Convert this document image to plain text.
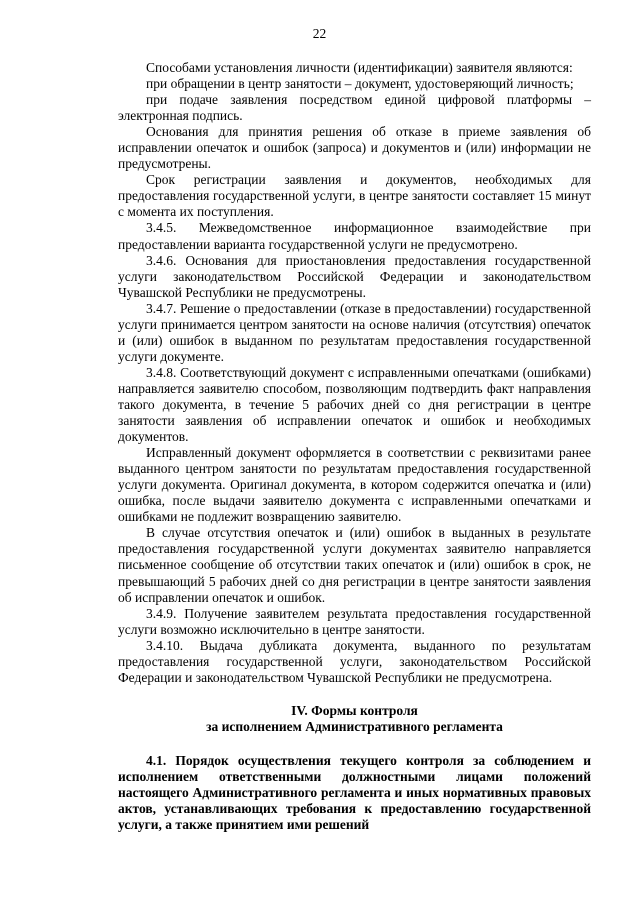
22

Способами установления личности (идентификации) заявителя являются:

при обращении в центр занятости – документ, удостоверяющий личность;

при подаче заявления посредством единой цифровой платформы – электронная подпись.

Основания для принятия решения об отказе в приеме заявления об исправлении опечаток и ошибок (запроса) и документов и (или) информации не предусмотрены.

Срок регистрации заявления и документов, необходимых для предоставления государственной услуги, в центре занятости составляет 15 минут с момента их поступления.

3.4.5. Межведомственное информационное взаимодействие при предоставлении варианта государственной услуги не предусмотрено.

3.4.6. Основания для приостановления предоставления государственной услуги законодательством Российской Федерации и законодательством Чувашской Республики не предусмотрены.

3.4.7. Решение о предоставлении (отказе в предоставлении) государственной услуги принимается центром занятости на основе наличия (отсутствия) опечаток и (или) ошибок в выданном по результатам предоставления государственной услуги документе.

3.4.8. Соответствующий документ с исправленными опечатками (ошибками) направляется заявителю способом, позволяющим подтвердить факт направления такого документа, в течение 5 рабочих дней со дня регистрации в центре занятости заявления об исправлении опечаток и ошибок и необходимых документов.

Исправленный документ оформляется в соответствии с реквизитами ранее выданного центром занятости по результатам предоставления государственной услуги документа. Оригинал документа, в котором содержится опечатка и (или) ошибка, после выдачи заявителю документа с исправленными опечатками и ошибками не подлежит возвращению заявителю.

В случае отсутствия опечаток и (или) ошибок в выданных в результате предоставления государственной услуги документах заявителю направляется письменное сообщение об отсутствии таких опечаток и (или) ошибок в срок, не превышающий 5 рабочих дней со дня регистрации в центре занятости заявления об исправлении опечаток и ошибок.

3.4.9. Получение заявителем результата предоставления государственной услуги возможно исключительно в центре занятости.

3.4.10. Выдача дубликата документа, выданного по результатам предоставления государственной услуги, законодательством Российской Федерации и законодательством Чувашской Республики не предусмотрена.

IV. Формы контроля
за исполнением Административного регламента

4.1. Порядок осуществления текущего контроля за соблюдением и исполнением ответственными должностными лицами положений настоящего Административного регламента и иных нормативных правовых актов, устанавливающих требования к предоставлению государственной услуги, а также принятием ими решений
